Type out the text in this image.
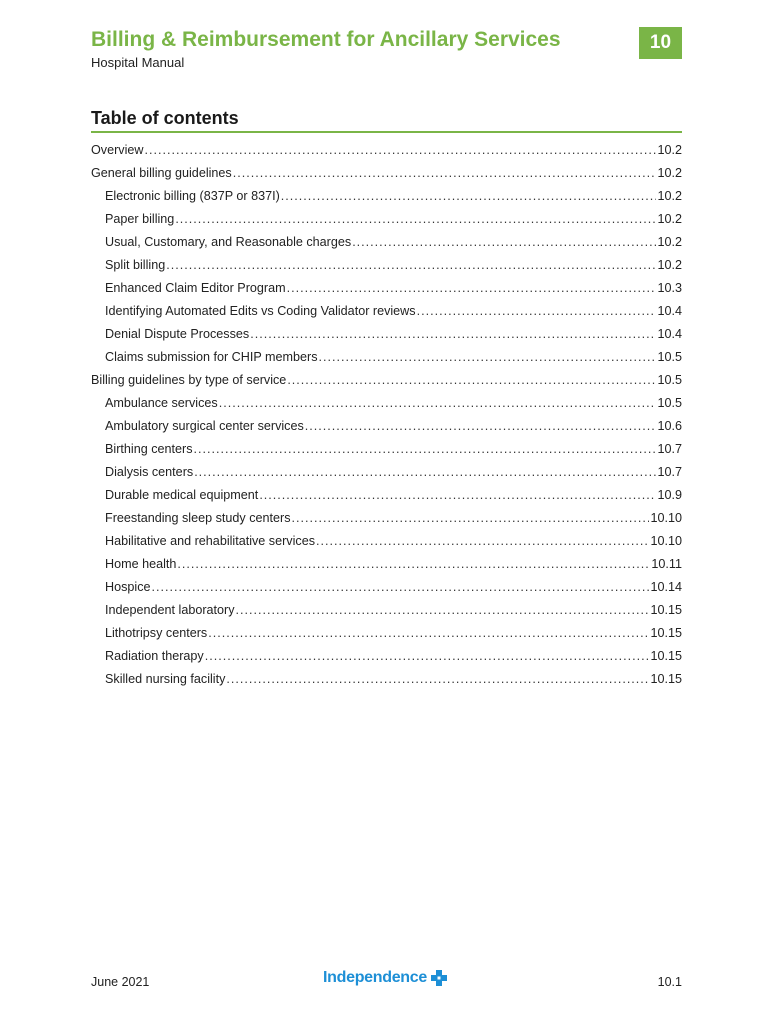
Billing & Reimbursement for Ancillary Services
Hospital Manual
10
Table of contents
Overview .....	10.2
General billing guidelines .....	10.2
Electronic billing (837P or 837I) .....	10.2
Paper billing .....	10.2
Usual, Customary, and Reasonable charges .....	10.2
Split billing .....	10.2
Enhanced Claim Editor Program .....	10.3
Identifying Automated Edits vs Coding Validator reviews .....	10.4
Denial Dispute Processes .....	10.4
Claims submission for CHIP members .....	10.5
Billing guidelines by type of service .....	10.5
Ambulance services .....	10.5
Ambulatory surgical center services .....	10.6
Birthing centers .....	10.7
Dialysis centers .....	10.7
Durable medical equipment .....	10.9
Freestanding sleep study centers .....	10.10
Habilitative and rehabilitative services .....	10.10
Home health .....	10.11
Hospice .....	10.14
Independent laboratory .....	10.15
Lithotripsy centers .....	10.15
Radiation therapy .....	10.15
Skilled nursing facility .....	10.15
June 2021	Independence	10.1
